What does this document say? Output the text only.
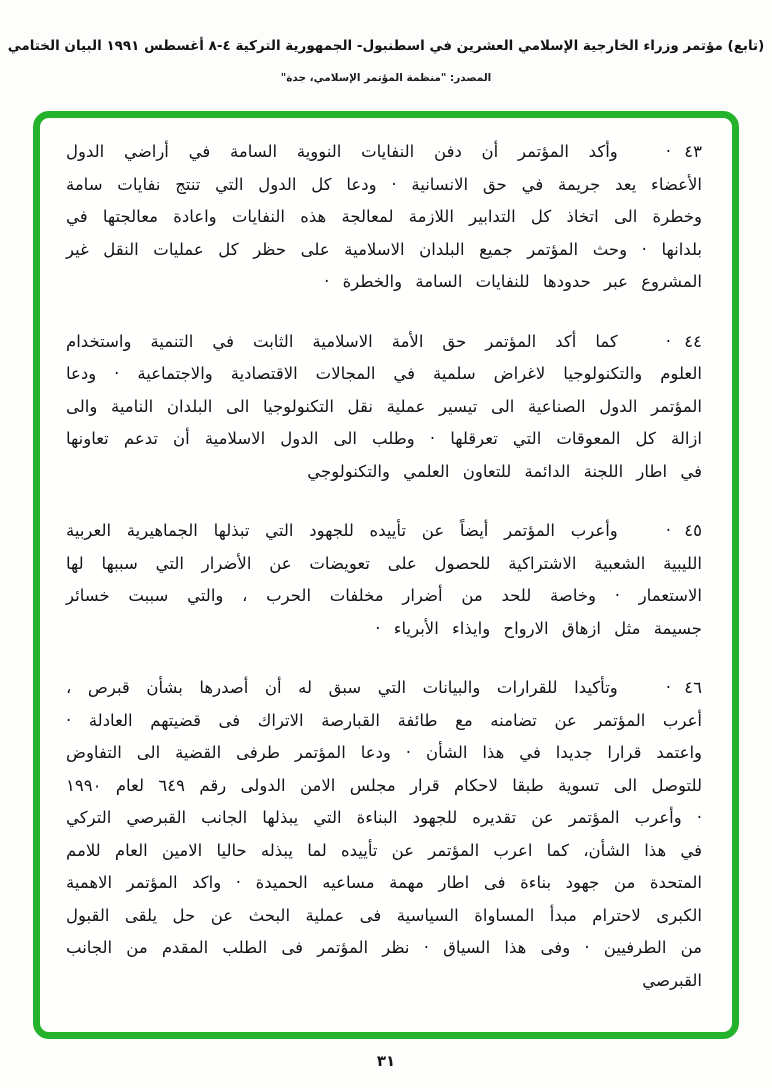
(تابع) مؤتمر وزراء الخارجية الإسلامي العشرين في اسطنبول- الجمهورية التركية ٤-٨ أغسطس ١٩٩١ البيان الختامي
المصدر: "منظمة المؤتمر الإسلامي، جدة"

٤٣ ·وأكد المؤتمر أن دفن النفايات النووية السامة في أراضي الدول الأعضاء يعد جريمة في حق الانسانية · ودعا كل الدول التي تنتج نفايات سامة وخطرة الى اتخاذ كل التدابير اللازمة لمعالجة هذه النفايات واعادة معالجتها في بلدانها · وحث المؤتمر جميع البلدان الاسلامية على حظر كل عمليات النقل غير المشروع عبر حدودها للنفايات السامة والخطرة ·

٤٤ ·كما أكد المؤتمر حق الأمة الاسلامية الثابت في التنمية واستخدام العلوم والتكنولوجيا لاغراض سلمية في المجالات الاقتصادية والاجتماعية · ودعا المؤتمر الدول الصناعية الى تيسير عملية نقل التكنولوجيا الى البلدان النامية والى ازالة كل المعوقات التي تعرقلها · وطلب الى الدول الاسلامية أن تدعم تعاونها في اطار اللجنة الدائمة للتعاون العلمي والتكنولوجي

٤٥ ·وأعرب المؤتمر أيضاً عن تأييده للجهود التي تبذلها الجماهيرية العربية الليبية الشعبية الاشتراكية للحصول على تعويضات عن الأضرار التي سببها لها الاستعمار · وخاصة للحد من أضرار مخلفات الحرب ، والتي سببت خسائر جسيمة مثل ازهاق الارواح وايذاء الأبرياء ·

٤٦ ·وتأكيدا للقرارات والبيانات التي سبق له أن أصدرها بشأن قبرص ، أعرب المؤتمر عن تضامنه مع طائفة القبارصة الاتراك فى قضيتهم العادلة · واعتمد قرارا جديدا في هذا الشأن · ودعا المؤتمر طرفى القضية الى التفاوض للتوصل الى تسوية طبقا لاحكام قرار مجلس الامن الدولى رقم ٦٤٩ لعام ١٩٩٠ · وأعرب المؤتمر عن تقديره للجهود البناءة التي يبذلها الجانب القبرصي التركي في هذا الشأن، كما اعرب المؤتمر عن تأييده لما يبذله حاليا الامين العام للامم المتحدة من جهود بناءة فى اطار مهمة مساعيه الحميدة · واكد المؤتمر الاهمية الكبرى لاحترام مبدأ المساواة السياسية فى عملية البحث عن حل يلقى القبول من الطرفيين · وفى هذا السياق · نظر المؤتمر فى الطلب المقدم من الجانب القبرصي

٣١
